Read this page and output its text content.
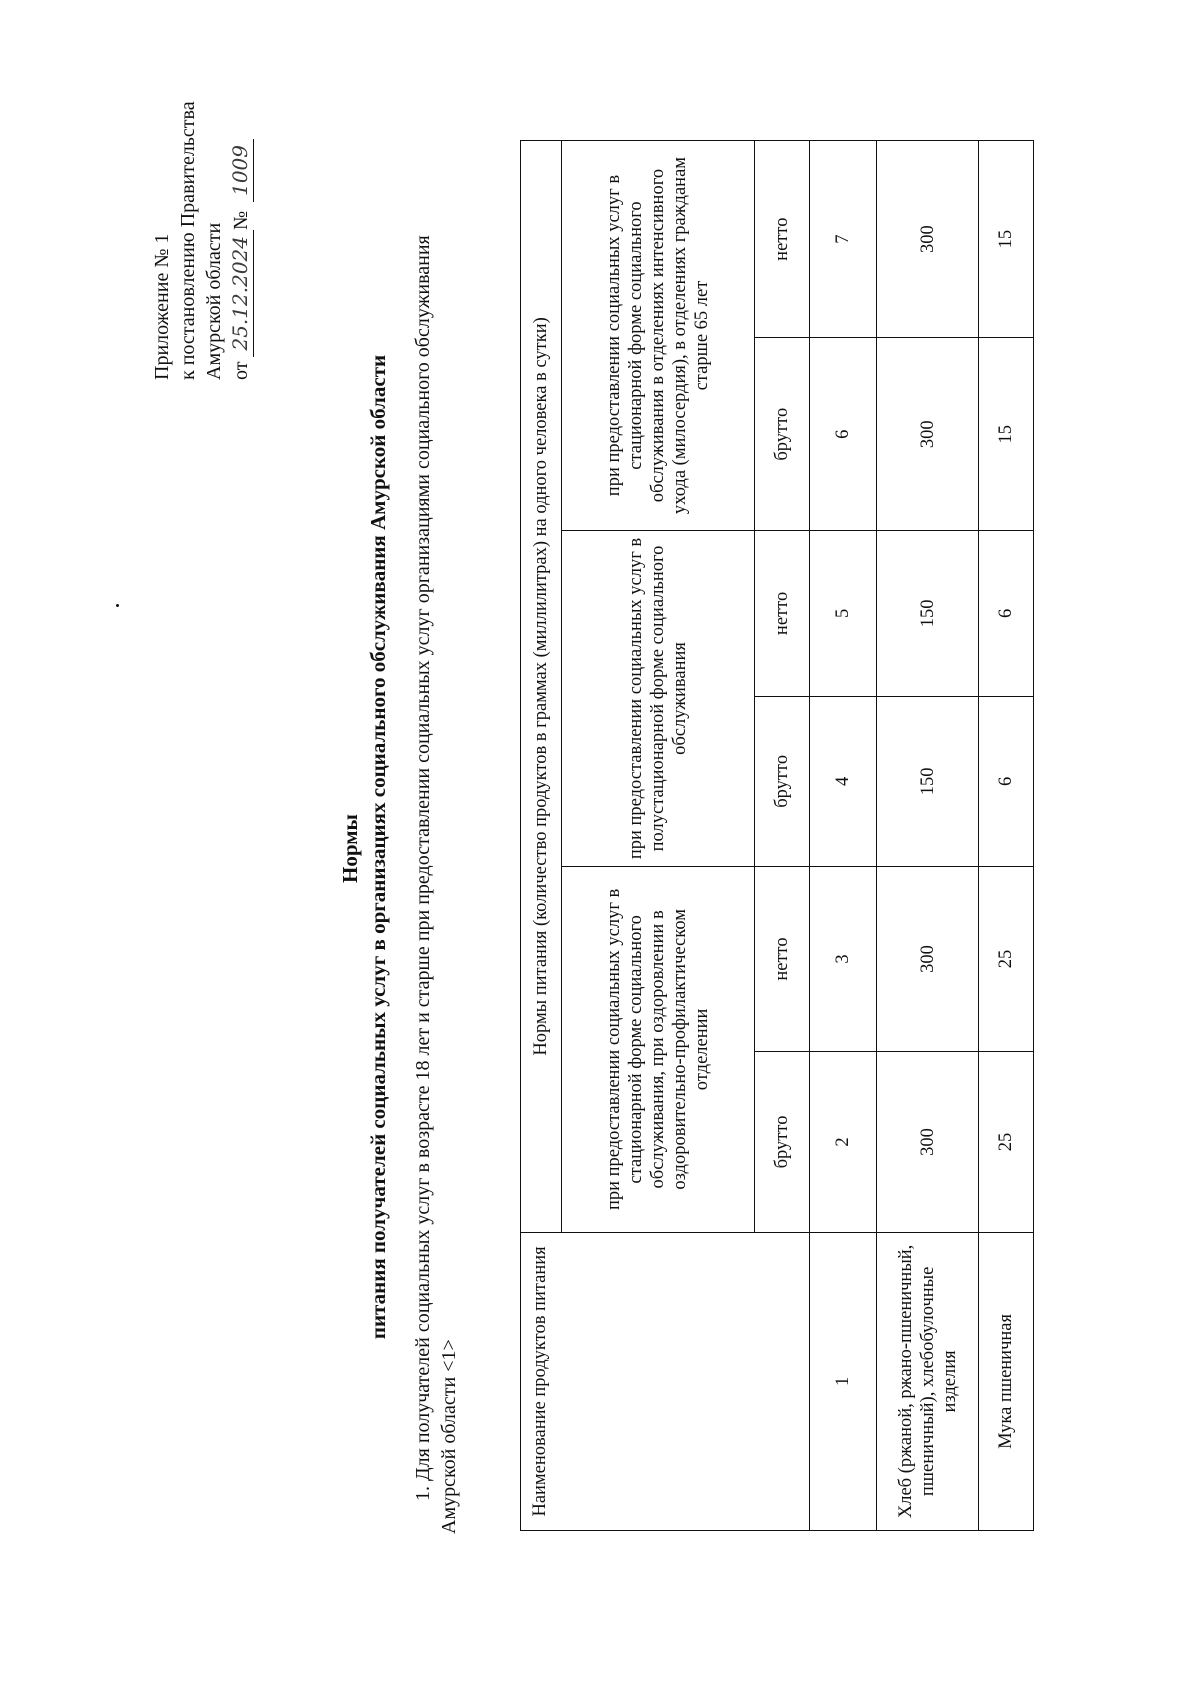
Приложение № 1 к постановлению Правительства Амурской области от 25.12.2024№ 1009
Нормы питания получателей социальных услуг в организациях социального обслуживания Амурской области 1. Для получателей социальных услуг в возрасте 18 лет и старше при предоставлении социальных услуг организациями социального обслуживания Амурской области <1>	Наименование продуктов питания	Нормы питания (количество продуктов в граммах (миллилитрах) на одного человека в сутки)					
	при предоставлении социальных услуг в стационарной форме социального обслуживания, при оздоровлении в оздоровительно-профилактическом отделении		при предоставлении социальных услуг в полустационарной форме социального обслуживания		при предоставлении социальных услуг в стационарной форме социального обслуживания в отделениях интенсивного ухода (милосердия), в отделениях гражданам старше 65 лет	
	брутто	нетто	брутто	нетто	брутто	нетто
1	2	3	4	5	6	7
Хлеб (ржаной, ржано-пшеничный, пшеничный), хлебобулочные изделия	300	300	150	150	300	300
Мука пшеничная	25	25	6	6	15	15
